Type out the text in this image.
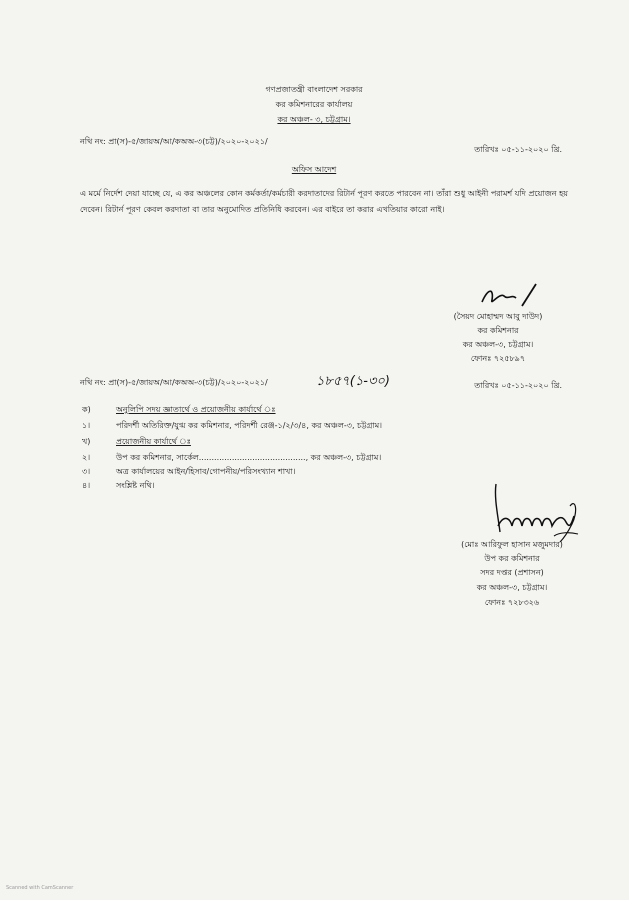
গণপ্রজাতন্ত্রী বাংলাদেশ সরকার
কর কমিশনারের কার্যালয়
কর অঞ্চল- ৩, চট্টগ্রাম।
নথি নং: প্রা(স)-৫/জায়অ/আ/কঅঅ-৩(চট্ট)/২০২০-২০২১/
তারিখঃ ০৫-১১-২০২০ খ্রি.
অফিস আদেশ
এ মর্মে নির্দেশ দেয়া যাচ্ছে যে, এ কর অঞ্চলের কোন কর্মকর্তা/কর্মচারী করদাতাদের রিটার্ন পূরণ করতে পারবেন না। তাঁরা শুধু আইনী পরামর্শ যদি প্রয়োজন হয় দেবেন। রিটার্ন পূরণ কেবল করদাতা বা তার অনুমোদিত প্রতিনিধি করবেন। এর বাইরে তা করার এখতিয়ার কারো নাই।
(সৈয়দ মোহাম্মদ আবু দাউদ)
কর কমিশনার
কর অঞ্চল-৩, চট্টগ্রাম।
ফোনঃ ৭২৫৮৯৭
নথি নং: প্রা(স)-৫/জায়অ/আ/কঅঅ-৩(চট্ট)/২০২০-২০২১/	১৮৫৭(১-৩০)	তারিখঃ ০৫-১১-২০২০ খ্রি.
ক)	অনুলিপি সদয় জ্ঞাতার্থে ও প্রয়োজনীয় কার্যার্থে ঃ
১।	পরিদর্শী অতিরিক্ত/যুগ্ম কর কমিশনার, পরিদর্শী রেঞ্জ-১/২/৩/৪, কর অঞ্চল-৩, চট্টগ্রাম।
খ)	প্রয়োজনীয় কার্যার্থে ঃ
২।	উপ কর কমিশনার, সার্কেল.........................................., কর অঞ্চল-৩, চট্টগ্রাম।
৩।	অত্র কার্যালয়ের আইন/হিসাব/গোপনীয়/পরিসংখ্যান শাখা।
৪।	সংশ্লিষ্ট নথি।
(মোঃ আরিফুল হাসান মজুমদার)
উপ কর কমিশনার
সদর দপ্তর (প্রশাসন)
কর অঞ্চল-৩, চট্টগ্রাম।
ফোনঃ ৭২৮৩২৬
Scanned with CamScanner
